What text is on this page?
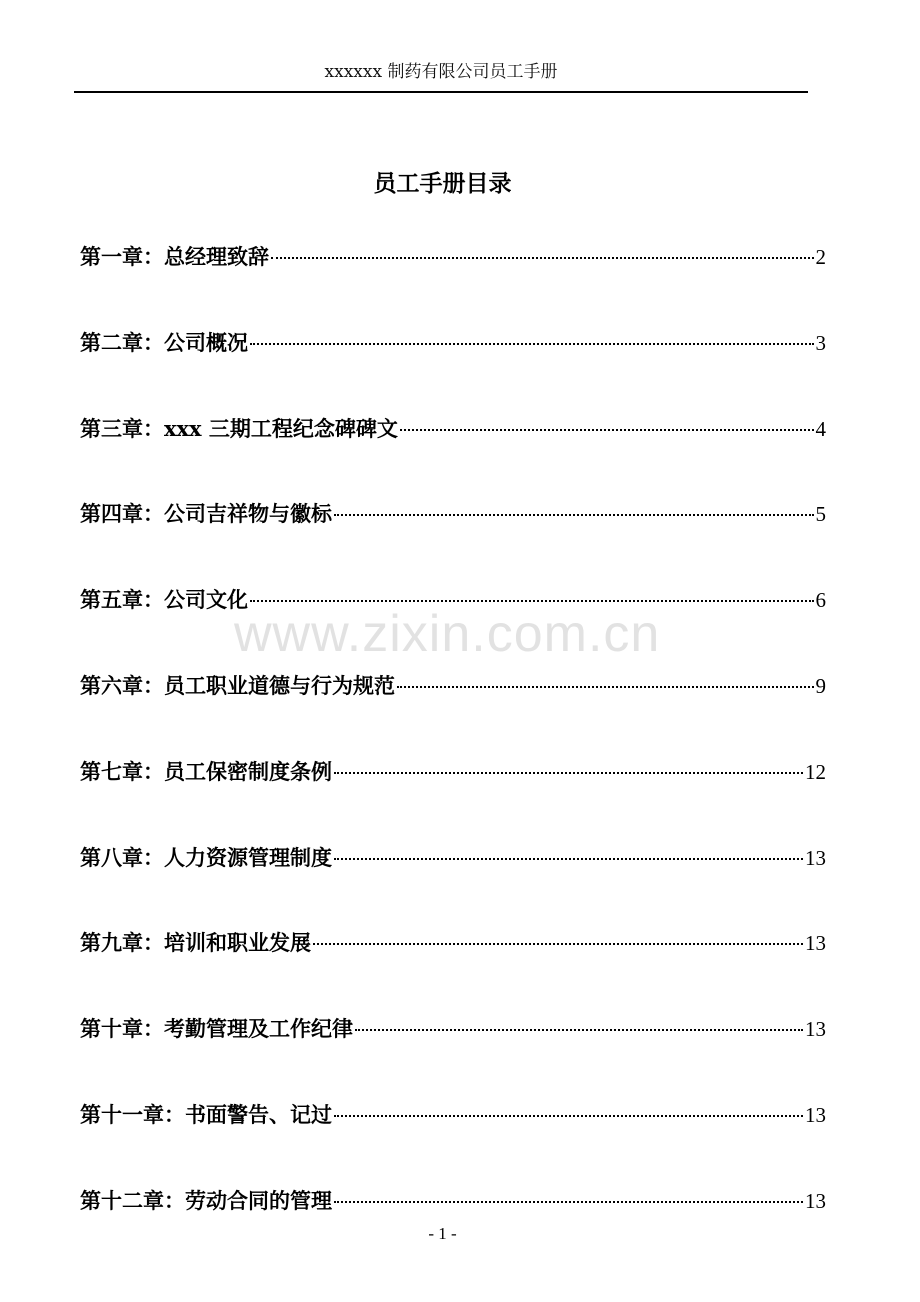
xxxxxx 制药有限公司员工手册
员工手册目录
第一章：总经理致辞	2
第二章：公司概况	3
第三章：xxx 三期工程纪念碑碑文	4
第四章：公司吉祥物与徽标	5
第五章：公司文化	6
第六章：员工职业道德与行为规范	9
第七章：员工保密制度条例	12
第八章：人力资源管理制度	13
第九章：培训和职业发展	13
第十章：考勤管理及工作纪律	13
第十一章：书面警告、记过	13
第十二章：劳动合同的管理	13
www.zixin.com.cn
- 1 -
